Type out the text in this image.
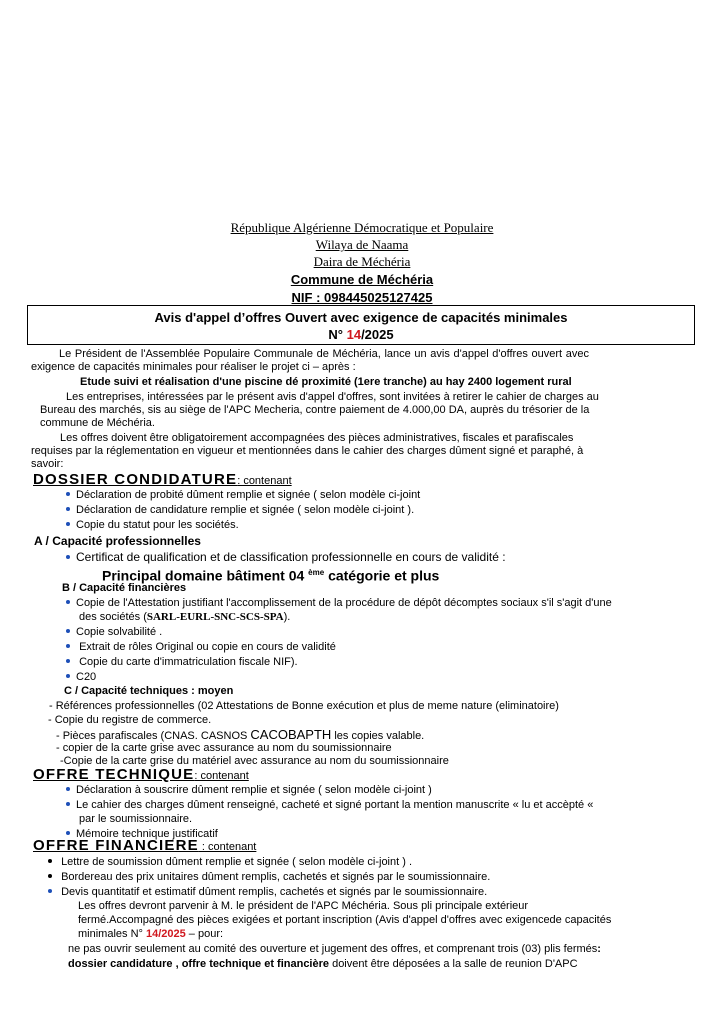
République Algérienne Démocratique et Populaire
Wilaya de Naama
Daira de Méchéria
Commune de Méchéria
NIF : 098445025127425
Avis d'appel d’offres Ouvert avec exigence de capacités minimales
N° 14/2025
Le Président de l'Assemblée Populaire Communale de Méchéria, lance un avis d'appel d'offres ouvert avec
exigence de capacités minimales pour réaliser le projet ci – après :
Etude suivi et réalisation d'une piscine dé proximité (1ere tranche) au hay 2400 logement rural
Les entreprises, intéressées par le présent avis d'appel d'offres, sont invitées à retirer le cahier de charges au
Bureau des marchés, sis au siège de l'APC Mecheria, contre paiement de 4.000,00 DA, auprès du trésorier de la
commune de Méchéria.
Les offres doivent être obligatoirement accompagnées des pièces administratives, fiscales et parafiscales
requises par la réglementation en vigueur et mentionnées dans le cahier des charges dûment signé et paraphé, à
savoir:
DOSSIER CONDIDATURE: contenant
Déclaration de probité dûment remplie et signée ( selon modèle ci-joint
Déclaration de candidature remplie et signée ( selon modèle ci-joint ).
Copie du statut pour les sociétés.
A / Capacité professionnelles
Certificat de qualification et de classification professionnelle en cours de validité :
Principal domaine bâtiment 04 $^{ème}$ catégorie et plus
B / Capacité financières
Copie de l'Attestation justifiant l'accomplissement de la procédure de dépôt décomptes sociaux s'il s'agit d'une
des sociétés (SARL-EURL-SNC-SCS-SPA).
Copie solvabilité .
Extrait de rôles Original ou copie en cours de validité
Copie du carte d'immatriculation fiscale NIF).
C20
C / Capacité techniques : moyen
- Références professionnelles (02 Attestations de Bonne exécution et plus de meme nature (eliminatoire)
- Copie du registre de commerce.
- Pièces parafiscales (CNAS. CASNOS CACOBAPTH les copies valable.
- copier de la carte grise avec assurance au nom du soumissionnaire
-Copie de la carte grise du matériel avec assurance au nom du soumissionnaire
OFFRE TECHNIQUE: contenant
Déclaration à souscrire dûment remplie et signée ( selon modèle ci-joint )
Le cahier des charges dûment renseigné, cacheté et signé portant la mention manuscrite « lu et accèpté «
par le soumissionnaire.
Mémoire technique justificatif
OFFRE FINANCIERE : contenant
Lettre de soumission dûment remplie et signée ( selon modèle ci-joint ) .
Bordereau des prix unitaires dûment remplis, cachetés et signés par le soumissionnaire.
Devis quantitatif et estimatif dûment remplis, cachetés et signés par le soumissionnaire.
Les offres devront parvenir à M. le président de l'APC Méchéria. Sous pli principale extérieur
fermé.Accompagné des pièces exigées et portant inscription (Avis d'appel d'offres avec exigencede capacités
minimales N° 14/2025 – pour:
ne pas ouvrir seulement au comité des ouverture et jugement des offres, et comprenant trois (03) plis fermés:
dossier candidature , offre technique et financière doivent être déposées a la salle de reunion D'APC
